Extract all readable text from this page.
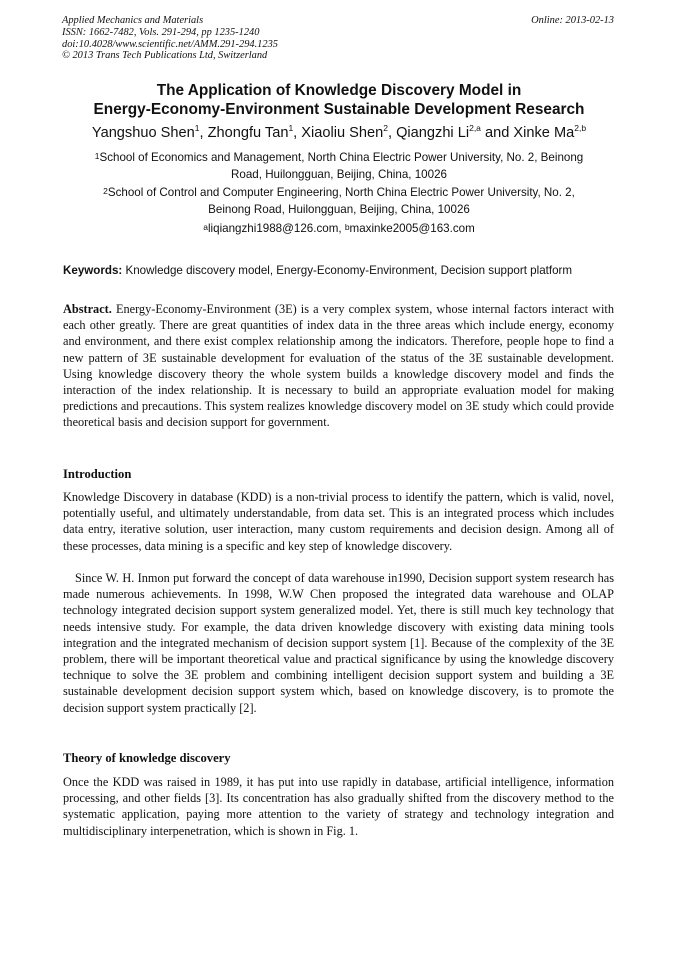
Applied Mechanics and Materials
ISSN: 1662-7482, Vols. 291-294, pp 1235-1240
doi:10.4028/www.scientific.net/AMM.291-294.1235
© 2013 Trans Tech Publications Ltd, Switzerland
Online: 2013-02-13
The Application of Knowledge Discovery Model in
Energy-Economy-Environment Sustainable Development Research
Yangshuo Shen$^1$, Zhongfu Tan$^1$, Xiaoliu Shen$^2$, Qiangzhi Li$^{2,a}$ and Xinke Ma$^{2,b}$
$^1$School of Economics and Management, North China Electric Power University, No. 2, Beinong
Road, Huilongguan, Beijing, China, 10026
$^2$School of Control and Computer Engineering, North China Electric Power University, No. 2,
Beinong Road, Huilongguan, Beijing, China, 10026
$^a$liqiangzhi1988@126.com, $^b$maxinke2005@163.com
Keywords: Knowledge discovery model, Energy-Economy-Environment, Decision support platform
Abstract. Energy-Economy-Environment (3E) is a very complex system, whose internal factors interact with each other greatly. There are great quantities of index data in the three areas which include energy, economy and environment, and there exist complex relationship among the indicators. Therefore, people hope to find a new pattern of 3E sustainable development for evaluation of the status of the 3E sustainable development. Using knowledge discovery theory the whole system builds a knowledge discovery model and finds the interaction of the index relationship. It is necessary to build an appropriate evaluation model for making predictions and precautions. This system realizes knowledge discovery model on 3E study which could provide theoretical basis and decision support for government.
Introduction
Knowledge Discovery in database (KDD) is a non-trivial process to identify the pattern, which is valid, novel, potentially useful, and ultimately understandable, from data set. This is an integrated process which includes data entry, iterative solution, user interaction, many custom requirements and decision design. Among all of these processes, data mining is a specific and key step of knowledge discovery.
Since W. H. Inmon put forward the concept of data warehouse in1990, Decision support system research has made numerous achievements. In 1998, W.W Chen proposed the integrated data warehouse and OLAP technology integrated decision support system generalized model. Yet, there is still much key technology that needs intensive study. For example, the data driven knowledge discovery with existing data mining tools integration and the integrated mechanism of decision support system [1]. Because of the complexity of the 3E problem, there will be important theoretical value and practical significance by using the knowledge discovery technique to solve the 3E problem and combining intelligent decision support system and building a 3E sustainable development decision support system which, based on knowledge discovery, is to promote the decision support system practically [2].
Theory of knowledge discovery
Once the KDD was raised in 1989, it has put into use rapidly in database, artificial intelligence, information processing, and other fields [3]. Its concentration has also gradually shifted from the discovery method to the systematic application, paying more attention to the variety of strategy and technology integration and multidisciplinary interpenetration, which is shown in Fig. 1.
